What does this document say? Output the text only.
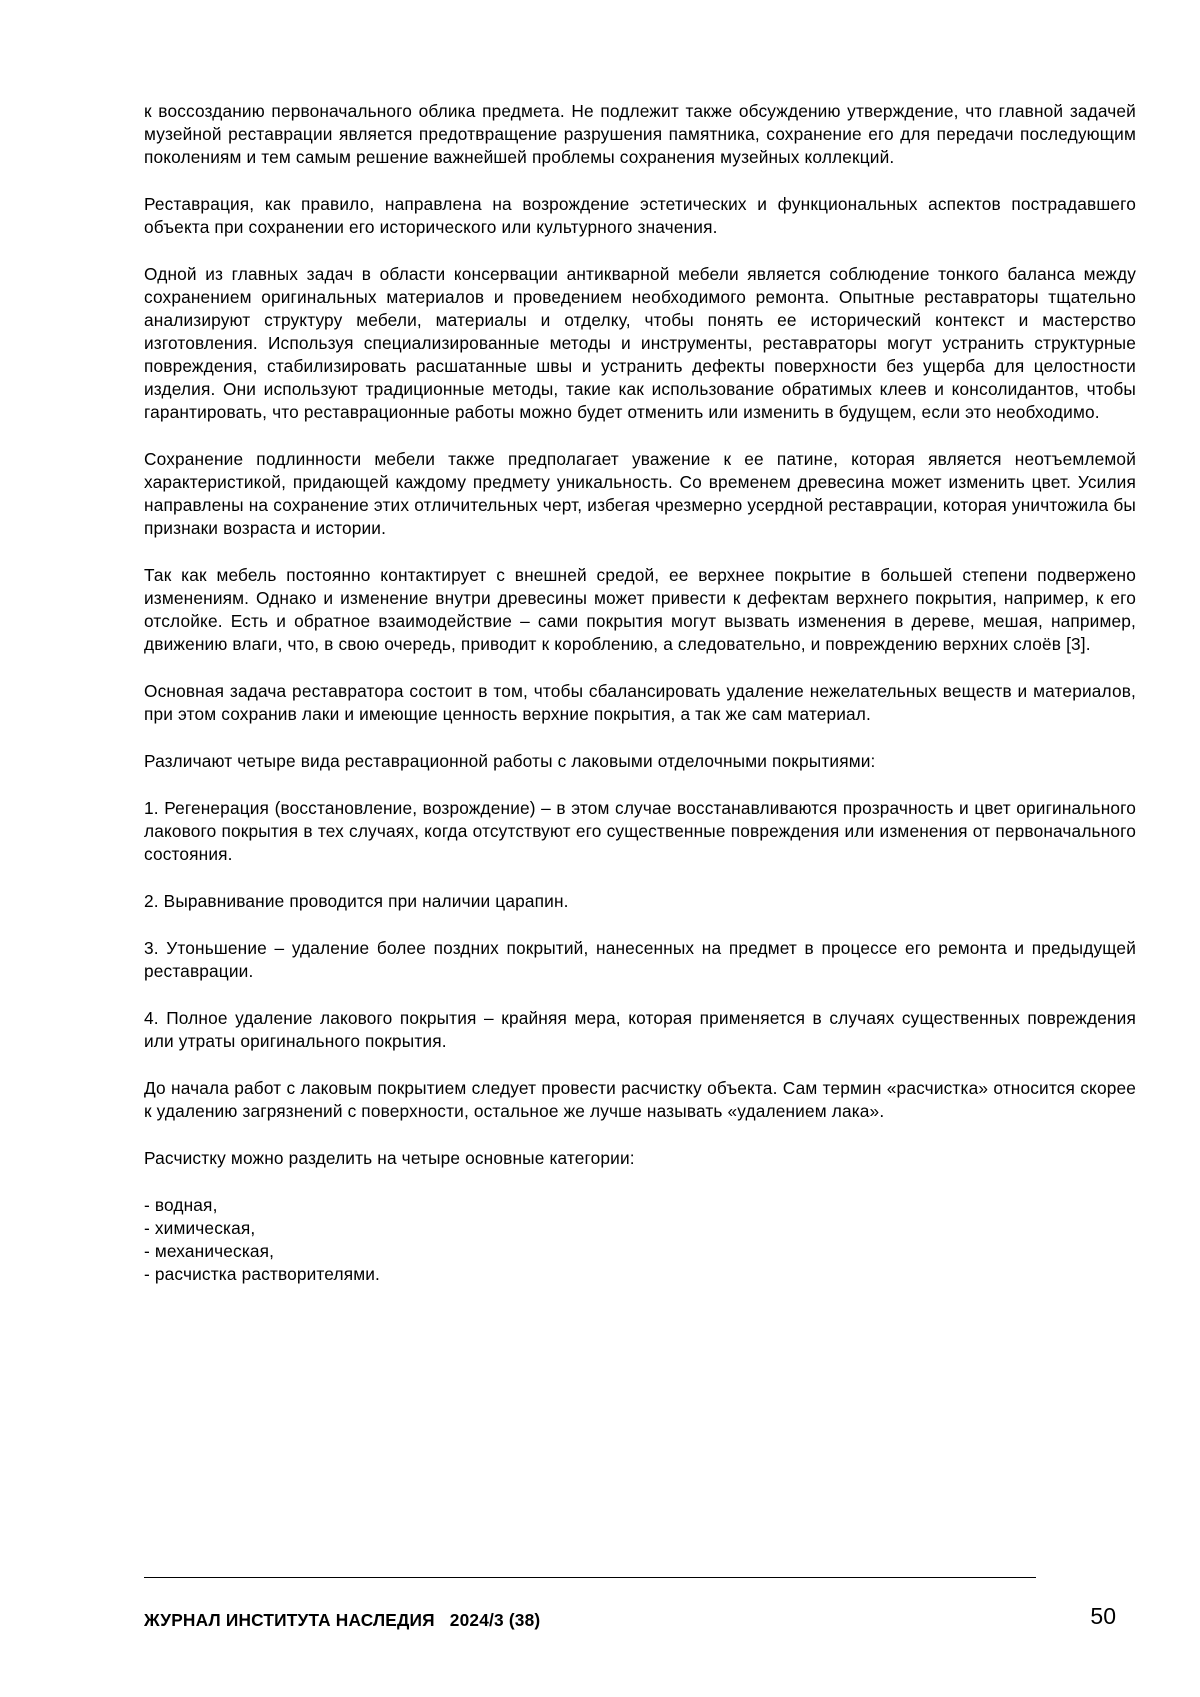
к воссозданию первоначального облика предмета. Не подлежит также обсуждению утверждение, что главной задачей музейной реставрации является предотвращение разрушения памятника, сохранение его для передачи последующим поколениям и тем самым решение важнейшей проблемы сохранения музейных коллекций.

Реставрация, как правило, направлена на возрождение эстетических и функциональных аспектов пострадавшего объекта при сохранении его исторического или культурного значения.

Одной из главных задач в области консервации антикварной мебели является соблюдение тонкого баланса между сохранением оригинальных материалов и проведением необходимого ремонта. Опытные реставраторы тщательно анализируют структуру мебели, материалы и отделку, чтобы понять ее исторический контекст и мастерство изготовления. Используя специализированные методы и инструменты, реставраторы могут устранить структурные повреждения, стабилизировать расшатанные швы и устранить дефекты поверхности без ущерба для целостности изделия. Они используют традиционные методы, такие как использование обратимых клеев и консолидантов, чтобы гарантировать, что реставрационные работы можно будет отменить или изменить в будущем, если это необходимо.

Сохранение подлинности мебели также предполагает уважение к ее патине, которая является неотъемлемой характеристикой, придающей каждому предмету уникальность. Со временем древесина может изменить цвет. Усилия направлены на сохранение этих отличительных черт, избегая чрезмерно усердной реставрации, которая уничтожила бы признаки возраста и истории.

Так как мебель постоянно контактирует с внешней средой, ее верхнее покрытие в большей степени подвержено изменениям. Однако и изменение внутри древесины может привести к дефектам верхнего покрытия, например, к его отслойке. Есть и обратное взаимодействие – сами покрытия могут вызвать изменения в дереве, мешая, например, движению влаги, что, в свою очередь, приводит к короблению, а следовательно, и повреждению верхних слоёв [3].

Основная задача реставратора состоит в том, чтобы сбалансировать удаление нежелательных веществ и материалов, при этом сохранив лаки и имеющие ценность верхние покрытия, а так же сам материал.

Различают четыре вида реставрационной работы с лаковыми отделочными покрытиями:

1. Регенерация (восстановление, возрождение) – в этом случае восстанавливаются прозрачность и цвет оригинального лакового покрытия в тех случаях, когда отсутствуют его существенные повреждения или изменения от первоначального состояния.

2. Выравнивание проводится при наличии царапин.

3. Утоньшение – удаление более поздних покрытий, нанесенных на предмет в процессе его ремонта и предыдущей реставрации.

4. Полное удаление лакового покрытия – крайняя мера, которая применяется в случаях существенных повреждения или утраты оригинального покрытия.

До начала работ с лаковым покрытием следует провести расчистку объекта. Сам термин «расчистка» относится скорее к удалению загрязнений с поверхности, остальное же лучше называть «удалением лака».

Расчистку можно разделить на четыре основные категории:

- водная,
- химическая,
- механическая,
- расчистка растворителями.
ЖУРНАЛ ИНСТИТУТА НАСЛЕДИЯ   2024/3 (38)	50
